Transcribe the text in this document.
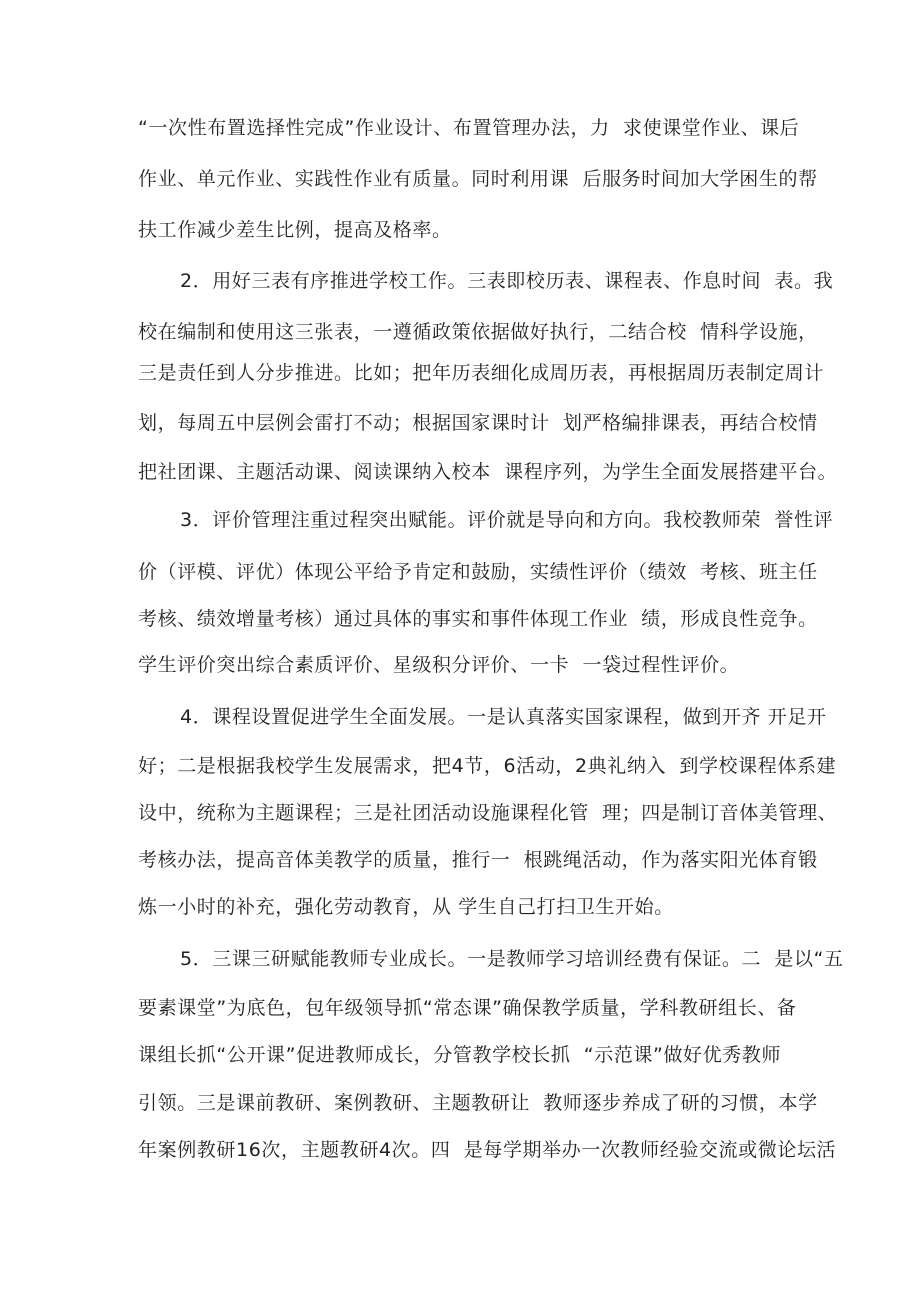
“一次性布置选择性完成”作业设计、布置管理办法，力  求使课堂作业、课后
作业、单元作业、实践性作业有质量。同时利用课  后服务时间加大学困生的帮
扶工作减少差生比例，提高及格率。
2．用好三表有序推进学校工作。三表即校历表、课程表、作息时间  表。我
校在编制和使用这三张表，一遵循政策依据做好执行，二结合校  情科学设施，
三是责任到人分步推进。比如；把年历表细化成周历表，再根据周历表制定周计
划，每周五中层例会雷打不动；根据国家课时计  划严格编排课表，再结合校情
把社团课、主题活动课、阅读课纳入校本  课程序列，为学生全面发展搭建平台。
3．评价管理注重过程突出赋能。评价就是导向和方向。我校教师荣  誉性评
价（评模、评优）体现公平给予肯定和鼓励，实绩性评价（绩效  考核、班主任
考核、绩效增量考核）通过具体的事实和事件体现工作业  绩，形成良性竞争。
学生评价突出综合素质评价、星级积分评价、一卡  一袋过程性评价。
4．课程设置促进学生全面发展。一是认真落实国家课程，做到开齐 开足开
好；二是根据我校学生发展需求，把4节，6活动，2典礼纳入  到学校课程体系建
设中，统称为主题课程；三是社团活动设施课程化管  理；四是制订音体美管理、
考核办法，提高音体美教学的质量，推行一  根跳绳活动，作为落实阳光体育锻
炼一小时的补充，强化劳动教育，从 学生自己打扫卫生开始。
5．三课三研赋能教师专业成长。一是教师学习培训经费有保证。二  是以“五
要素课堂”为底色，包年级领导抓“常态课”确保教学质量，学科教研组长、备
课组长抓“公开课”促进教师成长，分管教学校长抓  “示范课”做好优秀教师
引领。三是课前教研、案例教研、主题教研让  教师逐步养成了研的习惯，本学
年案例教研16次，主题教研4次。四  是每学期举办一次教师经验交流或微论坛活
